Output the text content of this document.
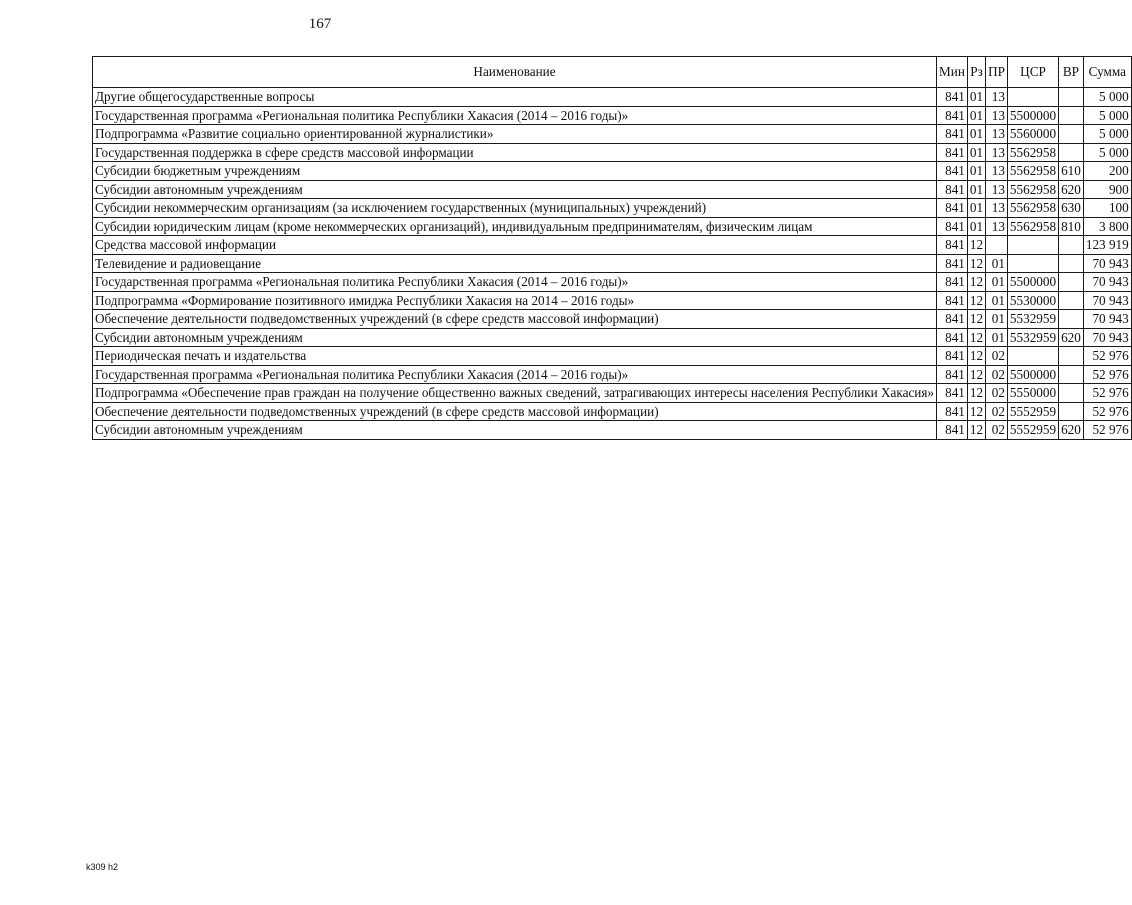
167
Наименование	Мин	Рз	ПР	ЦСР	ВР	Сумма
Другие общегосударственные вопросы	841	01	13			5 000
Государственная программа «Региональная политика Республики Хакасия (2014 – 2016 годы)»	841	01	13	5500000		5 000
Подпрограмма «Развитие социально ориентированной журналистики»	841	01	13	5560000		5 000
Государственная поддержка в сфере средств массовой информации	841	01	13	5562958		5 000
Субсидии бюджетным учреждениям	841	01	13	5562958	610	200
Субсидии автономным учреждениям	841	01	13	5562958	620	900
Субсидии некоммерческим организациям (за исключением государственных (муниципальных) учреждений)	841	01	13	5562958	630	100
Субсидии юридическим лицам (кроме некоммерческих организаций), индивидуальным предпринимателям, физическим лицам	841	01	13	5562958	810	3 800
Средства массовой информации	841	12				123 919
Телевидение и радиовещание	841	12	01			70 943
Государственная программа «Региональная политика Республики Хакасия (2014 – 2016 годы)»	841	12	01	5500000		70 943
Подпрограмма «Формирование позитивного имиджа Республики Хакасия на 2014 – 2016 годы»	841	12	01	5530000		70 943
Обеспечение деятельности подведомственных учреждений (в сфере средств массовой информации)	841	12	01	5532959		70 943
Субсидии автономным учреждениям	841	12	01	5532959	620	70 943
Периодическая печать и издательства	841	12	02			52 976
Государственная программа «Региональная политика Республики Хакасия (2014 – 2016 годы)»	841	12	02	5500000		52 976
Подпрограмма «Обеспечение прав граждан на получение общественно важных сведений, затрагивающих интересы населения Республики Хакасия»	841	12	02	5550000		52 976
Обеспечение деятельности подведомственных учреждений (в сфере средств массовой информации)	841	12	02	5552959		52 976
Субсидии автономным учреждениям	841	12	02	5552959	620	52 976
k309 h2
